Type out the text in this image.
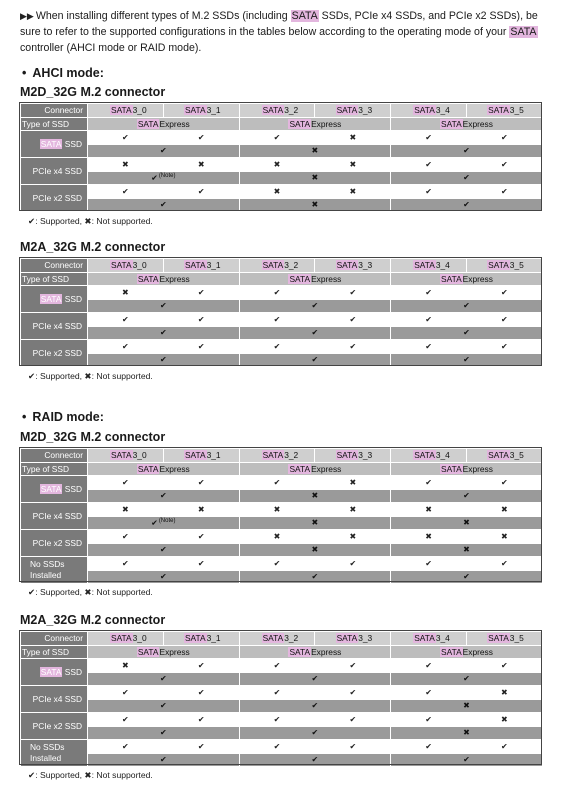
▶▶ When installing different types of M.2 SSDs (including SATA SSDs, PCIe x4 SSDs, and PCIe x2 SSDs), be sure to refer to the supported configurations in the tables below according to the operating mode of your SATA controller (AHCI mode or RAID mode).
• AHCI mode:
M2D_32G M.2 connector
Connector	SATA3_0	SATA3_1	SATA3_2	SATA3_3	SATA3_4	SATA3_5
Type of SSD	SATAExpress		SATAExpress		SATAExpress	
SATA SSD	✔	✔	✔	✖	✔	✔
	✔		✖		✔	
PCIe x4 SSD	✖	✖	✖	✖	✔	✔
	✔$^{(Note)}$		✖		✔	
PCIe x2 SSD	✔	✔	✖	✖	✔	✔
	✔		✖		✔	
✔: Supported, ✖: Not supported.
M2A_32G M.2 connector
Connector	SATA3_0	SATA3_1	SATA3_2	SATA3_3	SATA3_4	SATA3_5
Type of SSD	SATAExpress		SATAExpress		SATAExpress	
SATA SSD	✖	✔	✔	✔	✔	✔
	✔		✔		✔	
PCIe x4 SSD	✔	✔	✔	✔	✔	✔
	✔		✔		✔	
PCIe x2 SSD	✔	✔	✔	✔	✔	✔
	✔		✔		✔	
✔: Supported, ✖: Not supported.
M2D_32G M.2 connector
Connector	SATA3_0	SATA3_1	SATA3_2	SATA3_3	SATA3_4	SATA3_5
Type of SSD	SATAExpress		SATAExpress		SATAExpress	
SATA SSD	✔	✔	✔	✖	✔	✔
	✔		✖		✔	
PCIe x4 SSD	✖	✖	✖	✖	✖	✖
	✔$^{(Note)}$		✖		✖	
PCIe x2 SSD	✔	✔	✖	✖	✖	✖
	✔		✖		✖	
No SSDs Installed	✔	✔	✔	✔	✔	✔
	✔		✔		✔	
✔: Supported, ✖: Not supported.
M2A_32G M.2 connector
Connector	SATA3_0	SATA3_1	SATA3_2	SATA3_3	SATA3_4	SATA3_5
Type of SSD	SATAExpress		SATAExpress		SATAExpress	
SATA SSD	✖	✔	✔	✔	✔	✔
	✔		✔		✔	
PCIe x4 SSD	✔	✔	✔	✔	✔	✖
	✔		✔		✖	
PCIe x2 SSD	✔	✔	✔	✔	✔	✖
	✔		✔		✖	
No SSDs Installed	✔	✔	✔	✔	✔	✔
	✔		✔		✔	
✔: Supported, ✖: Not supported.
• RAID mode:
